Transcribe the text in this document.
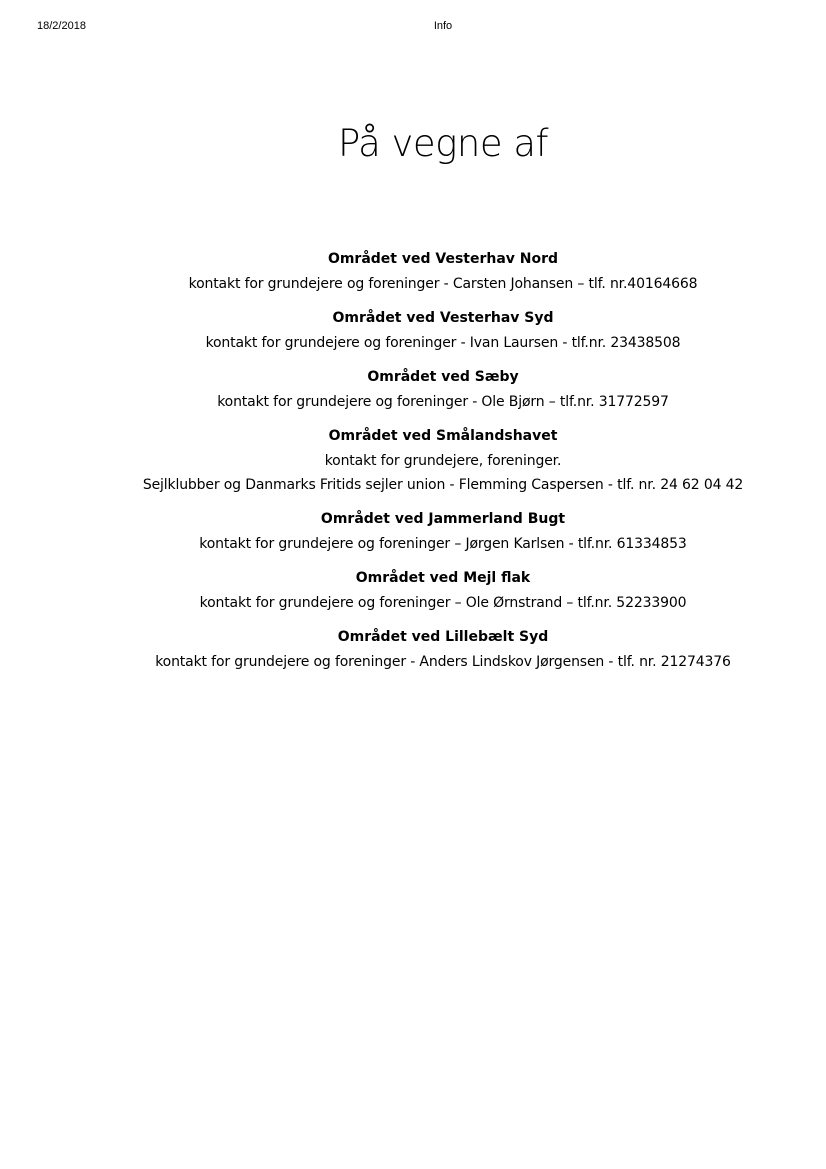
18/2/2018	Info
På vegne af
Området ved Vesterhav Nord
kontakt for grundejere og foreninger - Carsten Johansen – tlf. nr.40164668
Området ved Vesterhav Syd
kontakt for grundejere og foreninger - Ivan Laursen - tlf.nr. 23438508
Området ved Sæby
kontakt for grundejere og foreninger - Ole Bjørn – tlf.nr. 31772597
Området ved Smålandshavet
kontakt for grundejere, foreninger.
Sejlklubber og Danmarks Fritids sejler union - Flemming Caspersen - tlf. nr. 24 62 04 42
Området ved Jammerland Bugt
kontakt for grundejere og foreninger – Jørgen Karlsen - tlf.nr. 61334853
Området ved Mejl flak
kontakt for grundejere og foreninger – Ole Ørnstrand – tlf.nr. 52233900
Området ved Lillebælt Syd
kontakt for grundejere og foreninger - Anders Lindskov Jørgensen - tlf. nr. 21274376
